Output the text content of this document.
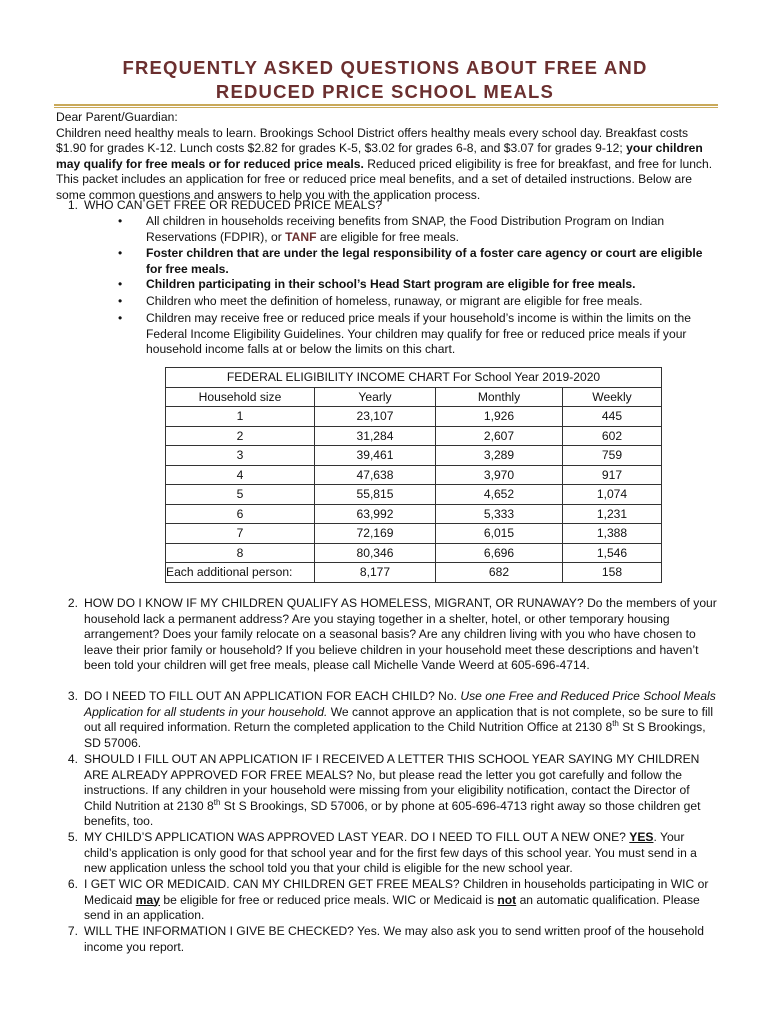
FREQUENTLY ASKED QUESTIONS ABOUT FREE AND
REDUCED PRICE SCHOOL MEALS

Dear Parent/Guardian:

Children need healthy meals to learn. Brookings School District offers healthy meals every school day. Breakfast costs $1.90 for grades K-12. Lunch costs $2.82 for grades K-5, $3.02 for grades 6-8, and $3.07 for grades 9-12; your children may qualify for free meals or for reduced price meals. Reduced priced eligibility is free for breakfast, and free for lunch. This packet includes an application for free or reduced price meal benefits, and a set of detailed instructions. Below are some common questions and answers to help you with the application process.

1. WHO CAN GET FREE OR REDUCED PRICE MEALS?
• All children in households receiving benefits from SNAP, the Food Distribution Program on Indian Reservations (FDPIR), or TANF are eligible for free meals.
• Foster children that are under the legal responsibility of a foster care agency or court are eligible for free meals.
• Children participating in their school’s Head Start program are eligible for free meals.
• Children who meet the definition of homeless, runaway, or migrant are eligible for free meals.
• Children may receive free or reduced price meals if your household’s income is within the limits on the Federal Income Eligibility Guidelines. Your children may qualify for free or reduced price meals if your household income falls at or below the limits on this chart.
FEDERAL ELIGIBILITY INCOME CHART For School Year 2019-2020			
Household size	Yearly	Monthly	Weekly
1	23,107	1,926	445
2	31,284	2,607	602
3	39,461	3,289	759
4	47,638	3,970	917
5	55,815	4,652	1,074
6	63,992	5,333	1,231
7	72,169	6,015	1,388
8	80,346	6,696	1,546
Each additional person:	8,177	682	158
2. HOW DO I KNOW IF MY CHILDREN QUALIFY AS HOMELESS, MIGRANT, OR RUNAWAY? Do the members of your household lack a permanent address? Are you staying together in a shelter, hotel, or other temporary housing arrangement? Does your family relocate on a seasonal basis? Are any children living with you who have chosen to leave their prior family or household? If you believe children in your household meet these descriptions and haven’t been told your children will get free meals, please call Michelle Vande Weerd at 605-696-4714.
3. DO I NEED TO FILL OUT AN APPLICATION FOR EACH CHILD? No. Use one Free and Reduced Price School Meals Application for all students in your household. We cannot approve an application that is not complete, so be sure to fill out all required information. Return the completed application to the Child Nutrition Office at 2130 8th St S Brookings, SD 57006.
4. SHOULD I FILL OUT AN APPLICATION IF I RECEIVED A LETTER THIS SCHOOL YEAR SAYING MY CHILDREN ARE ALREADY APPROVED FOR FREE MEALS? No, but please read the letter you got carefully and follow the instructions. If any children in your household were missing from your eligibility notification, contact the Director of Child Nutrition at 2130 8th St S Brookings, SD 57006, or by phone at 605-696-4713 right away so those children get benefits, too.
5. MY CHILD’S APPLICATION WAS APPROVED LAST YEAR. DO I NEED TO FILL OUT A NEW ONE? YES. Your child’s application is only good for that school year and for the first few days of this school year. You must send in a new application unless the school told you that your child is eligible for the new school year.
6. I GET WIC OR MEDICAID. CAN MY CHILDREN GET FREE MEALS? Children in households participating in WIC or Medicaid may be eligible for free or reduced price meals. WIC or Medicaid is not an automatic qualification. Please send in an application.
7. WILL THE INFORMATION I GIVE BE CHECKED? Yes. We may also ask you to send written proof of the household income you report.
